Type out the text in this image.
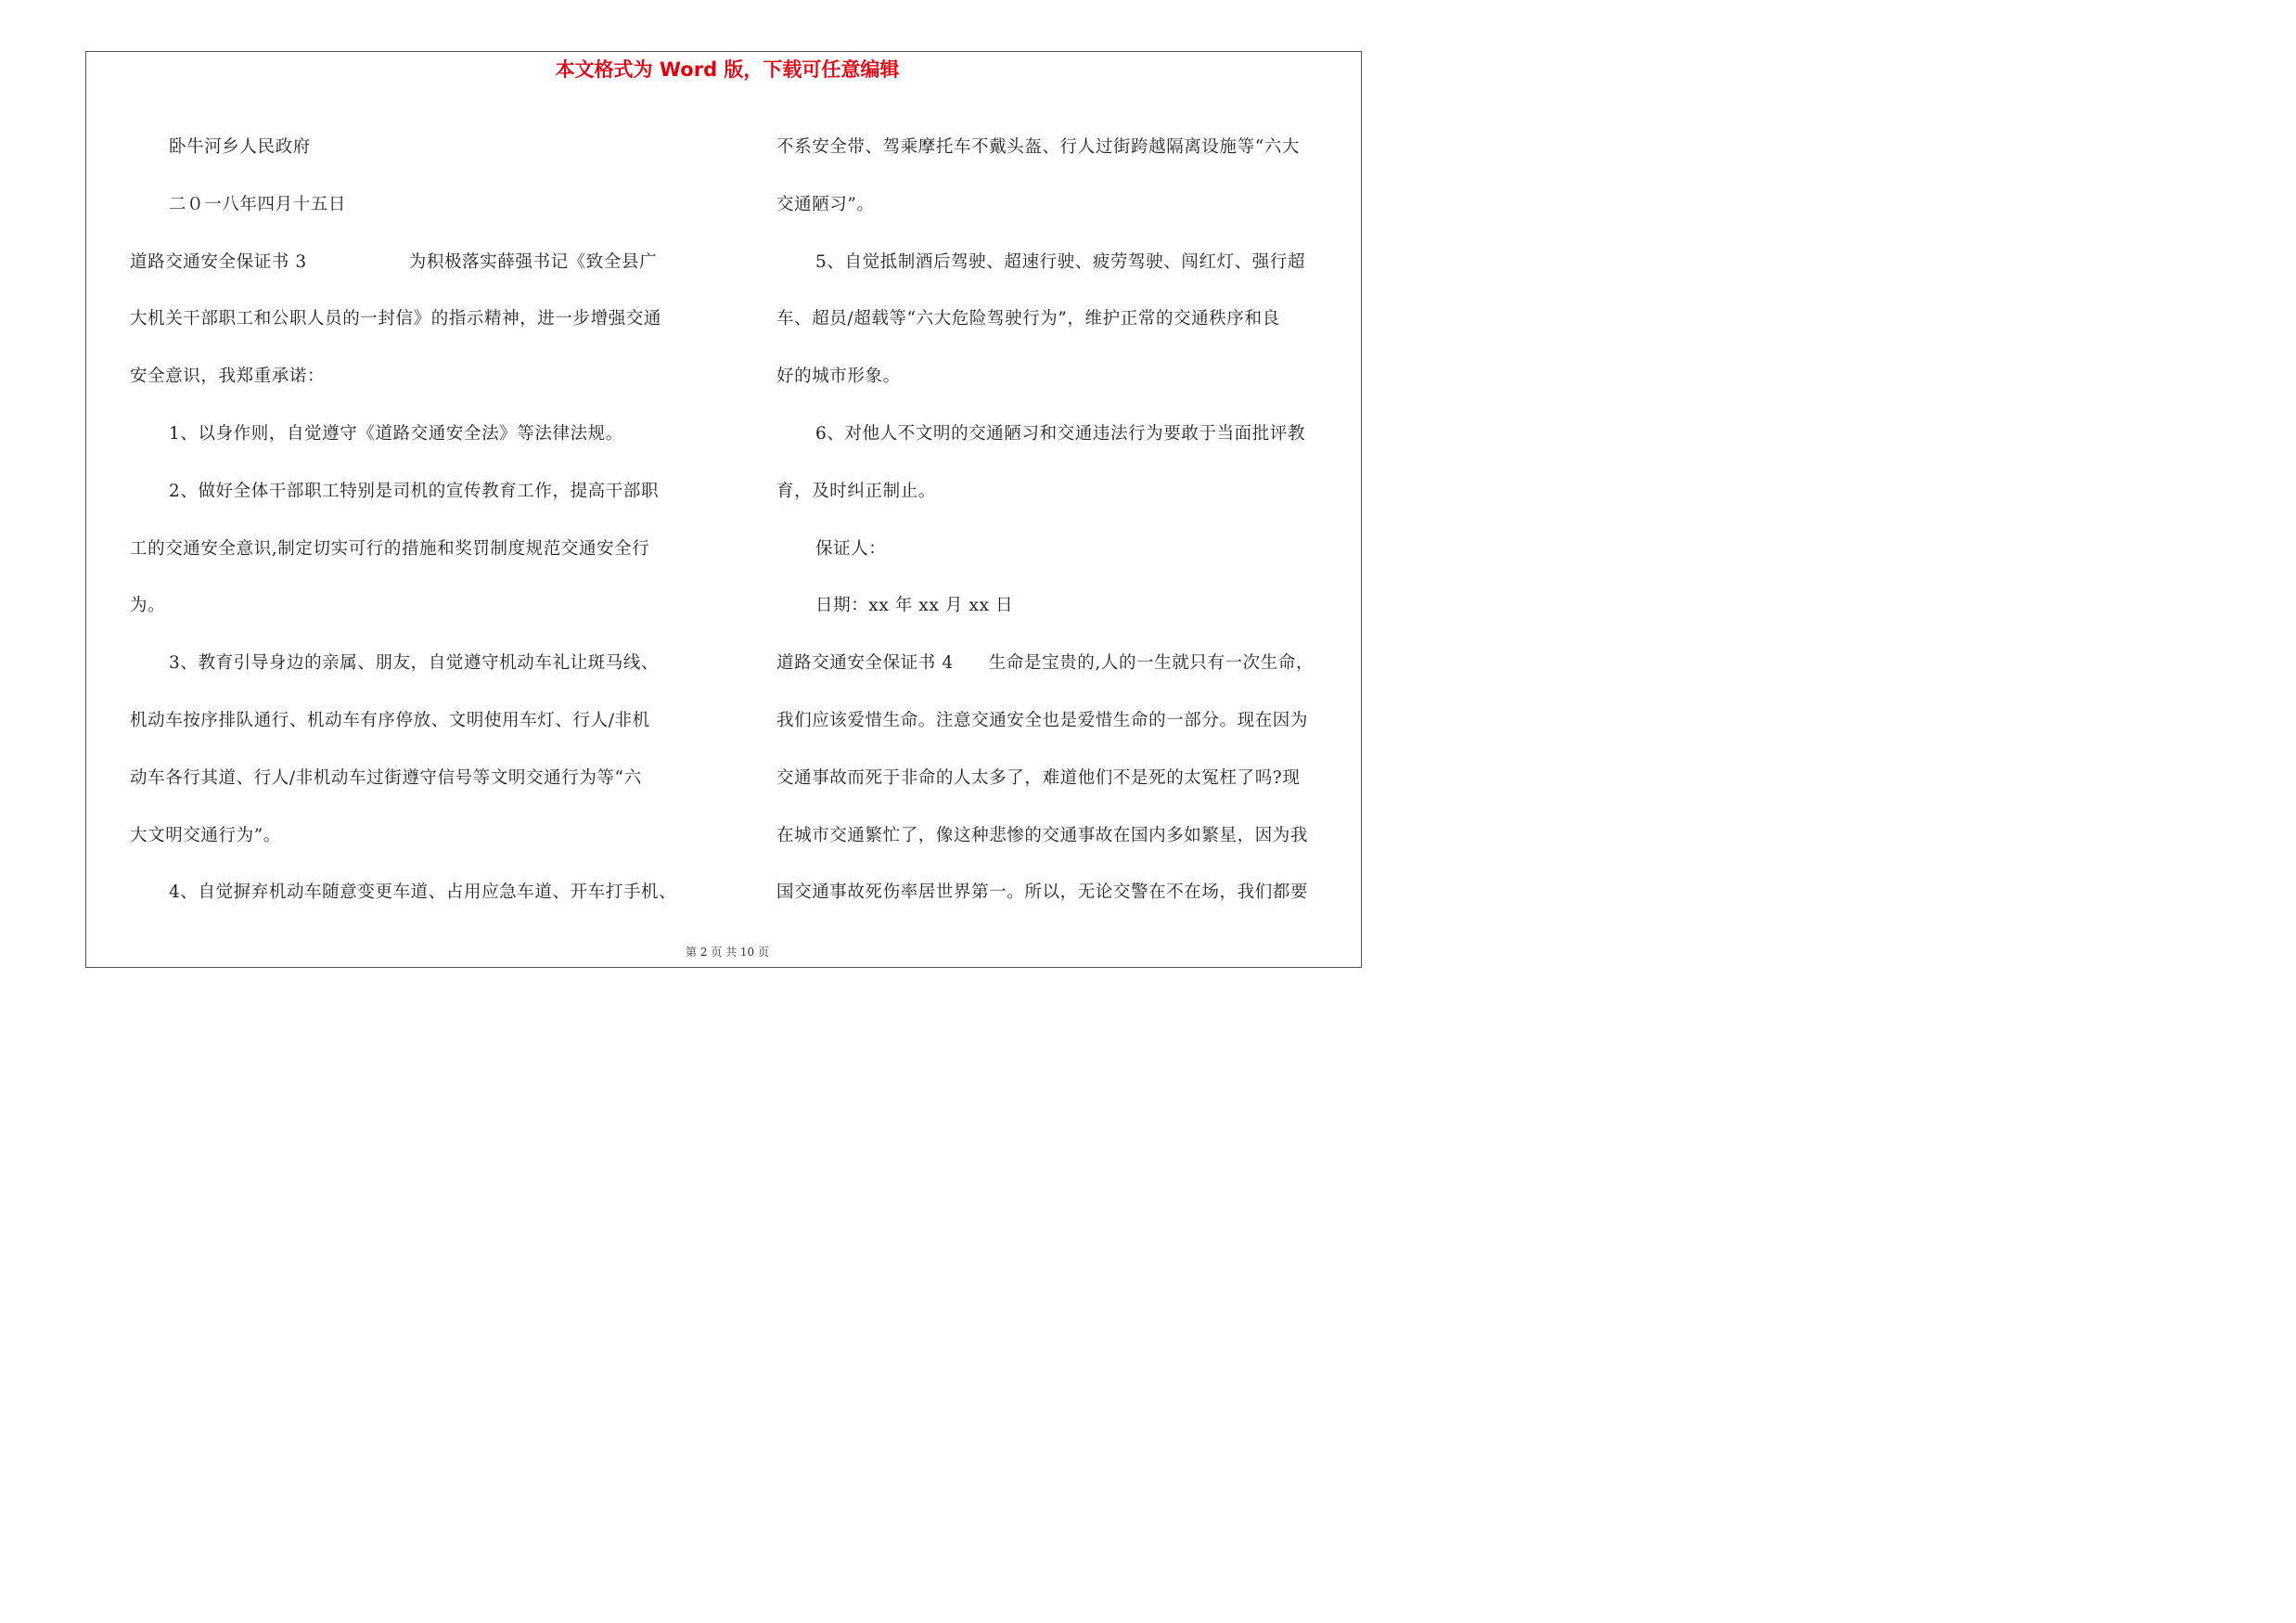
本文格式为 Word 版，下载可任意编辑
卧牛河乡人民政府
二０一八年四月十五日
道路交通安全保证书 3	为积极落实薛强书记《致全县广
大机关干部职工和公职人员的一封信》的指示精神，进一步增强交通
安全意识，我郑重承诺：
1、以身作则，自觉遵守《道路交通安全法》等法律法规。
2、做好全体干部职工特别是司机的宣传教育工作，提高干部职
工的交通安全意识,制定切实可行的措施和奖罚制度规范交通安全行
为。
3、教育引导身边的亲属、朋友，自觉遵守机动车礼让斑马线、
机动车按序排队通行、机动车有序停放、文明使用车灯、行人/非机
动车各行其道、行人/非机动车过街遵守信号等文明交通行为等“六
大文明交通行为”。
4、自觉摒弃机动车随意变更车道、占用应急车道、开车打手机、
不系安全带、驾乘摩托车不戴头盔、行人过街跨越隔离设施等“六大
交通陋习”。
5、自觉抵制酒后驾驶、超速行驶、疲劳驾驶、闯红灯、强行超
车、超员/超载等“六大危险驾驶行为”，维护正常的交通秩序和良
好的城市形象。
6、对他人不文明的交通陋习和交通违法行为要敢于当面批评教
育，及时纠正制止。
保证人：
日期：xx 年 xx 月 xx 日
道路交通安全保证书 4 生命是宝贵的,人的一生就只有一次生命，
我们应该爱惜生命。注意交通安全也是爱惜生命的一部分。现在因为
交通事故而死于非命的人太多了，难道他们不是死的太冤枉了吗?现
在城市交通繁忙了，像这种悲惨的交通事故在国内多如繁星，因为我
国交通事故死伤率居世界第一。所以，无论交警在不在场，我们都要
第 2 页 共 10 页
